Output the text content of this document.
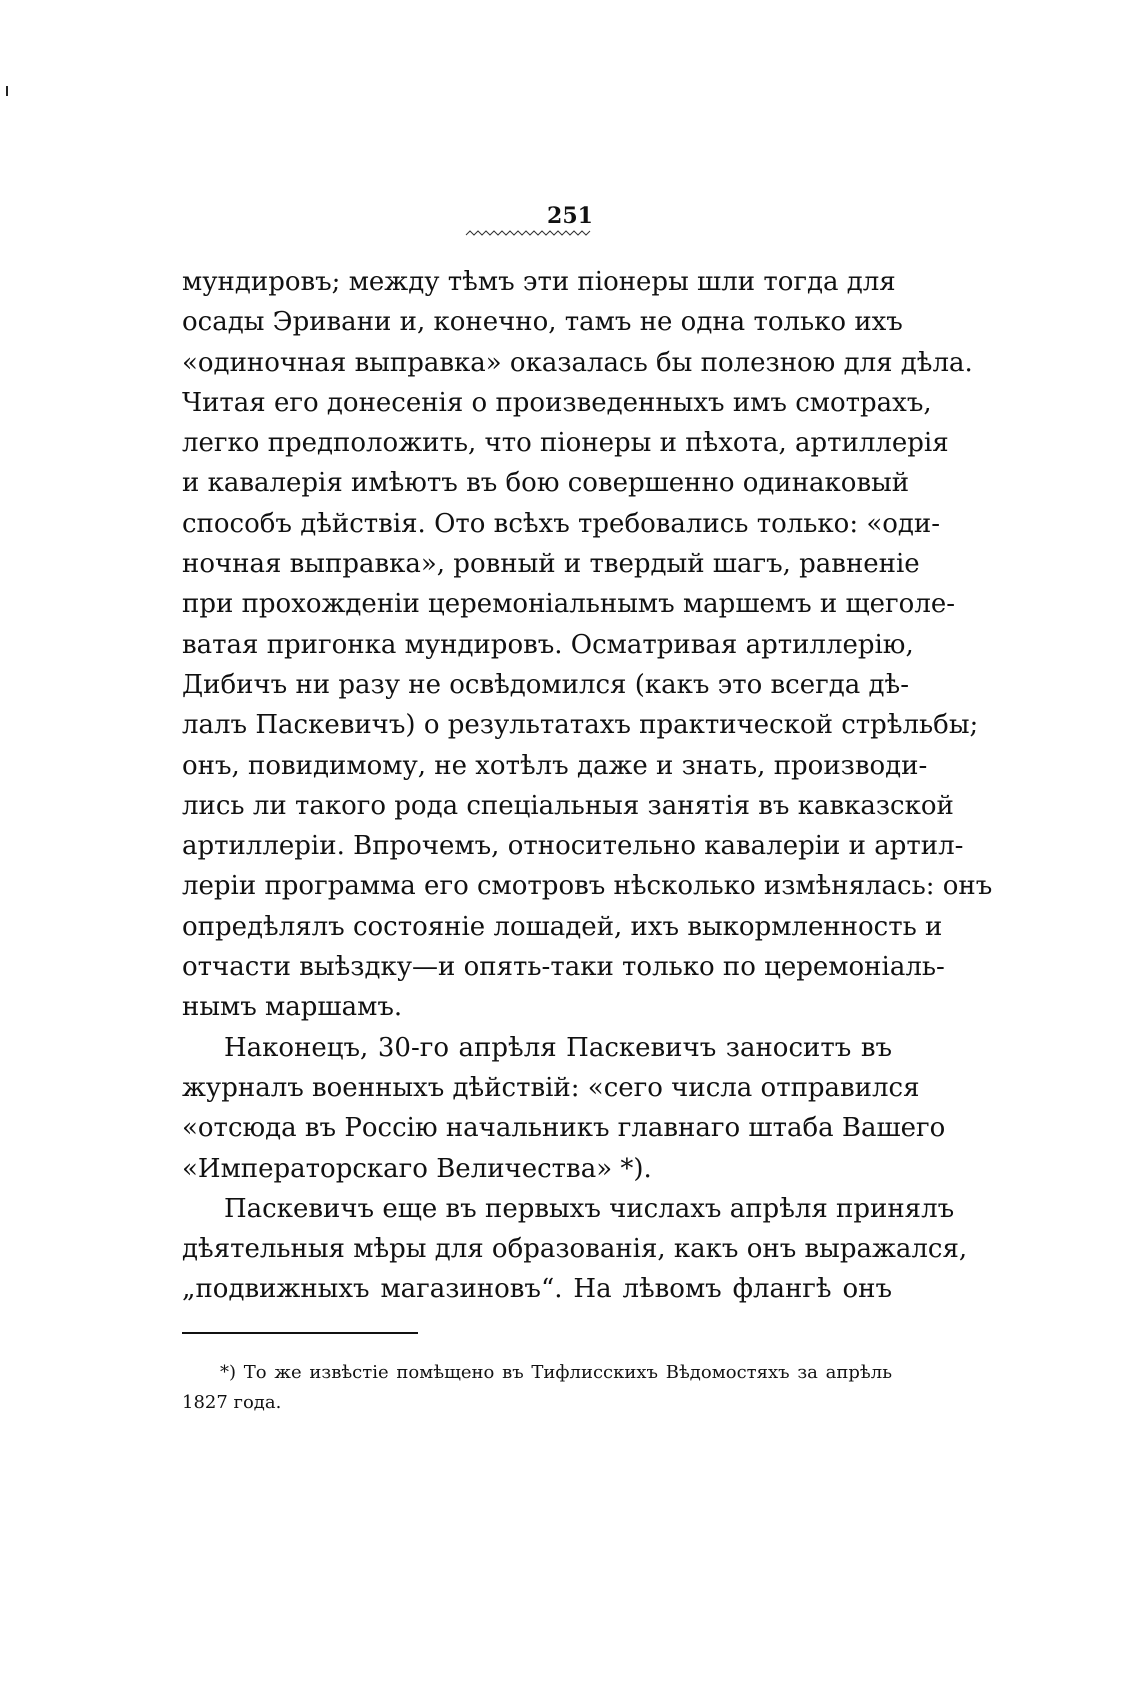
251
мундировъ; между тѣмъ эти піонеры шли тогда для
осады Эривани и, конечно, тамъ не одна только ихъ
«одиночная выправка» оказалась бы полезною для дѣла.
Читая его донесенія о произведенныхъ имъ смотрахъ,
легко предположить, что піонеры и пѣхота, артиллерія
и кавалерія имѣютъ въ бою совершенно одинаковый
способъ дѣйствія. Ото всѣхъ требовались только: «оди-
ночная выправка», ровный и твердый шагъ, равненіе
при прохожденіи церемоніальнымъ маршемъ и щеголе-
ватая пригонка мундировъ. Осматривая артиллерію,
Дибичъ ни разу не освѣдомился (какъ это всегда дѣ-
лалъ Паскевичъ) о результатахъ практической стрѣльбы;
онъ, повидимому, не хотѣлъ даже и знать, производи-
лись ли такого рода спеціальныя занятія въ кавказской
артиллеріи. Впрочемъ, относительно кавалеріи и артил-
леріи программа его смотровъ нѣсколько измѣнялась: онъ
опредѣлялъ состояніе лошадей, ихъ выкормленность и
отчасти выѣздку—и опять-таки только по церемоніаль-
нымъ маршамъ.
Наконецъ, 30-го апрѣля Паскевичъ заноситъ въ
журналъ военныхъ дѣйствій: «сего числа отправился
«отсюда въ Россію начальникъ главнаго штаба Вашего
«Императорскаго Величества» *).
Паскевичъ еще въ первыхъ числахъ апрѣля принялъ
дѣятельныя мѣры для образованія, какъ онъ выражался,
„подвижныхъ магазиновъ“. На лѣвомъ флангѣ онъ
*) То же извѣстіе помѣщено въ Тифлисскихъ Вѣдомостяхъ за апрѣль
1827 года.
